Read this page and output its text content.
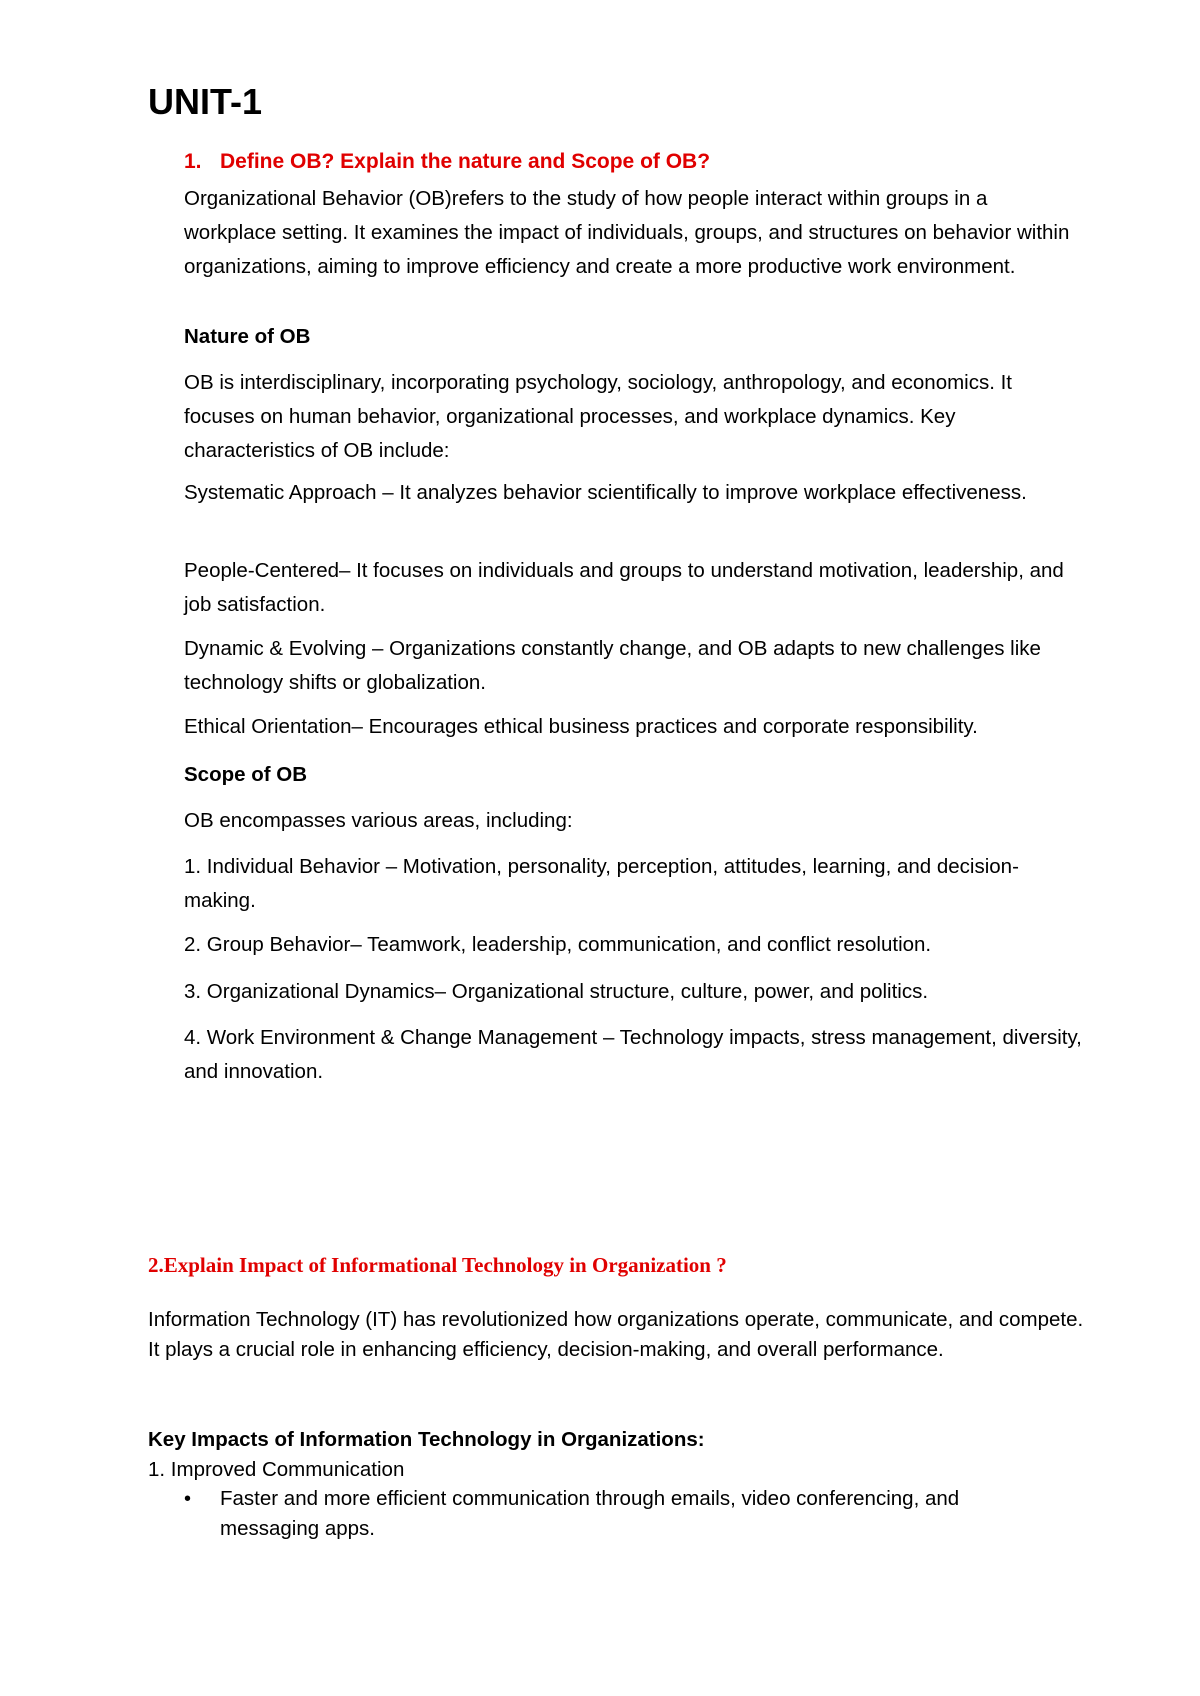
UNIT-1

1. Define OB? Explain the nature and Scope of OB?

Organizational Behavior (OB)refers to the study of how people interact within groups in a workplace setting. It examines the impact of individuals, groups, and structures on behavior within organizations, aiming to improve efficiency and create a more productive work environment.

Nature of OB

OB is interdisciplinary, incorporating psychology, sociology, anthropology, and economics. It focuses on human behavior, organizational processes, and workplace dynamics. Key characteristics of OB include:

Systematic Approach – It analyzes behavior scientifically to improve workplace effectiveness.

People-Centered– It focuses on individuals and groups to understand motivation, leadership, and job satisfaction.

Dynamic & Evolving – Organizations constantly change, and OB adapts to new challenges like technology shifts or globalization.

Ethical Orientation– Encourages ethical business practices and corporate responsibility.

Scope of OB

OB encompasses various areas, including:

1. Individual Behavior – Motivation, personality, perception, attitudes, learning, and decision-making.

2. Group Behavior– Teamwork, leadership, communication, and conflict resolution.

3. Organizational Dynamics– Organizational structure, culture, power, and politics.

4. Work Environment & Change Management – Technology impacts, stress management, diversity, and innovation.

2.Explain Impact of Informational Technology in Organization ?

Information Technology (IT) has revolutionized how organizations operate, communicate, and compete. It plays a crucial role in enhancing efficiency, decision-making, and overall performance.

Key Impacts of Information Technology in Organizations:

1. Improved Communication

• Faster and more efficient communication through emails, video conferencing, and messaging apps.
